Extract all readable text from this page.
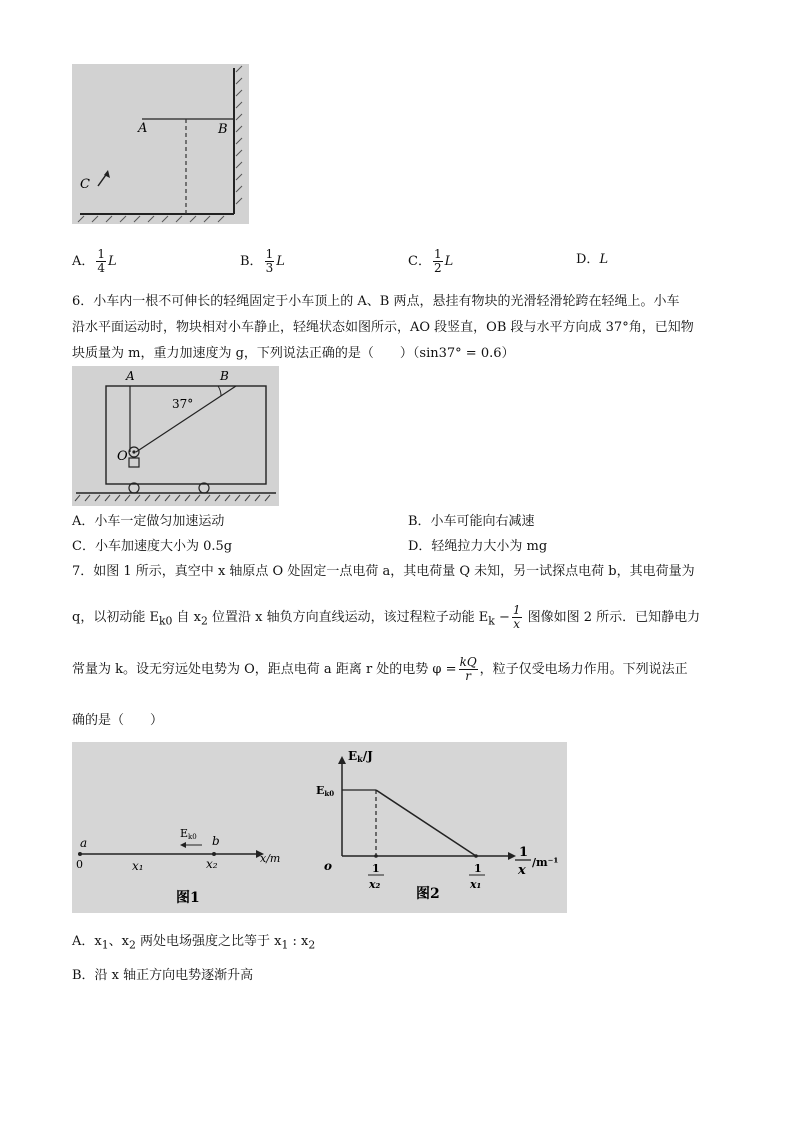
A	B
C
A． $\frac{1}{4}$ L	B． $\frac{1}{3}$ L	C． $\frac{1}{2}$ L	D．L
6．小车内一根不可伸长的轻绳固定于小车顶上的 A、B 两点，悬挂有物块的光滑轻滑轮跨在轻绳上。小车
沿水平面运动时，物块相对小车静止，轻绳状态如图所示，AO 段竖直，OB 段与水平方向成 37°角，已知物
块质量为 m，重力加速度为 g，下列说法正确的是（　　）（sin37° = 0.6）
A	B
O
37°
A．小车一定做匀加速运动	B．小车可能向右减速
C．小车加速度大小为 0.5g	D．轻绳拉力大小为 mg
7．如图 1 所示，真空中 x 轴原点 O 处固定一点电荷 a，其电荷量 Q 未知，另一试探点电荷 b，其电荷量为
q，以初动能 $E_{k0}$ 自 $x_2$ 位置沿 x 轴负方向直线运动，该过程粒子动能 $E_k - \frac{1}{x}$ 图像如图 2 所示．已知静电力
常量为 k。设无穷远处电势为 O，距点电荷 a 距离 r 处的电势 $\varphi = \frac{kQ}{r}$ ，粒子仅受电场力作用。下列说法正
确的是（　　）
a
0	x₁
Ek0 b
x₂	x/m
图1
Ek/J
Ek0
o	1
x₂
1
x₁
1
x
/m⁻¹
图2
A．$x_1$、$x_2$ 两处电场强度之比等于 $x_1$ : $x_2$
B．沿 x 轴正方向电势逐渐升高
